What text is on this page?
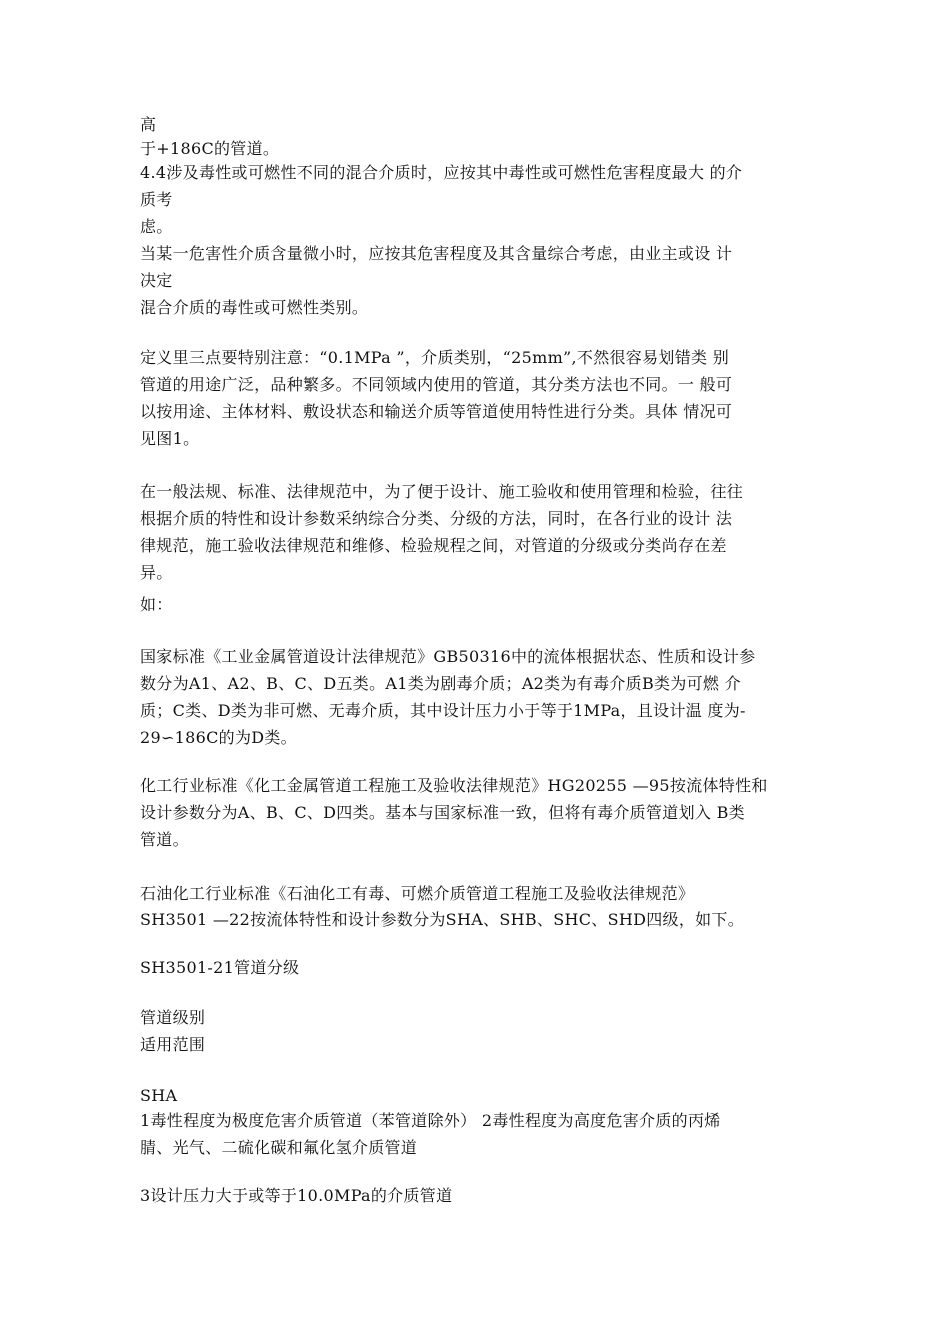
高
于+186C的管道。
4.4涉及毒性或可燃性不同的混合介质时，应按其中毒性或可燃性危害程度最大 的介
质考
虑。
当某一危害性介质含量微小时，应按其危害程度及其含量综合考虑，由业主或设 计
决定
混合介质的毒性或可燃性类别。
定义里三点要特别注意：“0.1MPa ”，介质类别，“25mm”,不然很容易划错类 别
管道的用途广泛，品种繁多。不同领域内使用的管道，其分类方法也不同。一 般可
以按用途、主体材料、敷设状态和输送介质等管道使用特性进行分类。具体 情况可
见图1。
在一般法规、标准、法律规范中，为了便于设计、施工验收和使用管理和检验，往往
根据介质的特性和设计参数采纳综合分类、分级的方法，同时，在各行业的设计 法
律规范，施工验收法律规范和维修、检验规程之间，对管道的分级或分类尚存在差
异。
如：
国家标准《工业金属管道设计法律规范》GB50316中的流体根据状态、性质和设计参
数分为A1、A2、B、C、D五类。A1类为剧毒介质；A2类为有毒介质B类为可燃 介
质；C类、D类为非可燃、无毒介质，其中设计压力小于等于1MPa，且设计温 度为-
29∽186C的为D类。
化工行业标准《化工金属管道工程施工及验收法律规范》HG20255 —95按流体特性和
设计参数分为A、B、C、D四类。基本与国家标准一致，但将有毒介质管道划入 B类
管道。
石油化工行业标准《石油化工有毒、可燃介质管道工程施工及验收法律规范》
SH3501 —22按流体特性和设计参数分为SHA、SHB、SHC、SHD四级，如下。
SH3501-21管道分级
管道级别
适用范围
SHA
1毒性程度为极度危害介质管道（苯管道除外） 2毒性程度为高度危害介质的丙烯
腈、光气、二硫化碳和氟化氢介质管道
3设计压力大于或等于10.0MPa的介质管道
